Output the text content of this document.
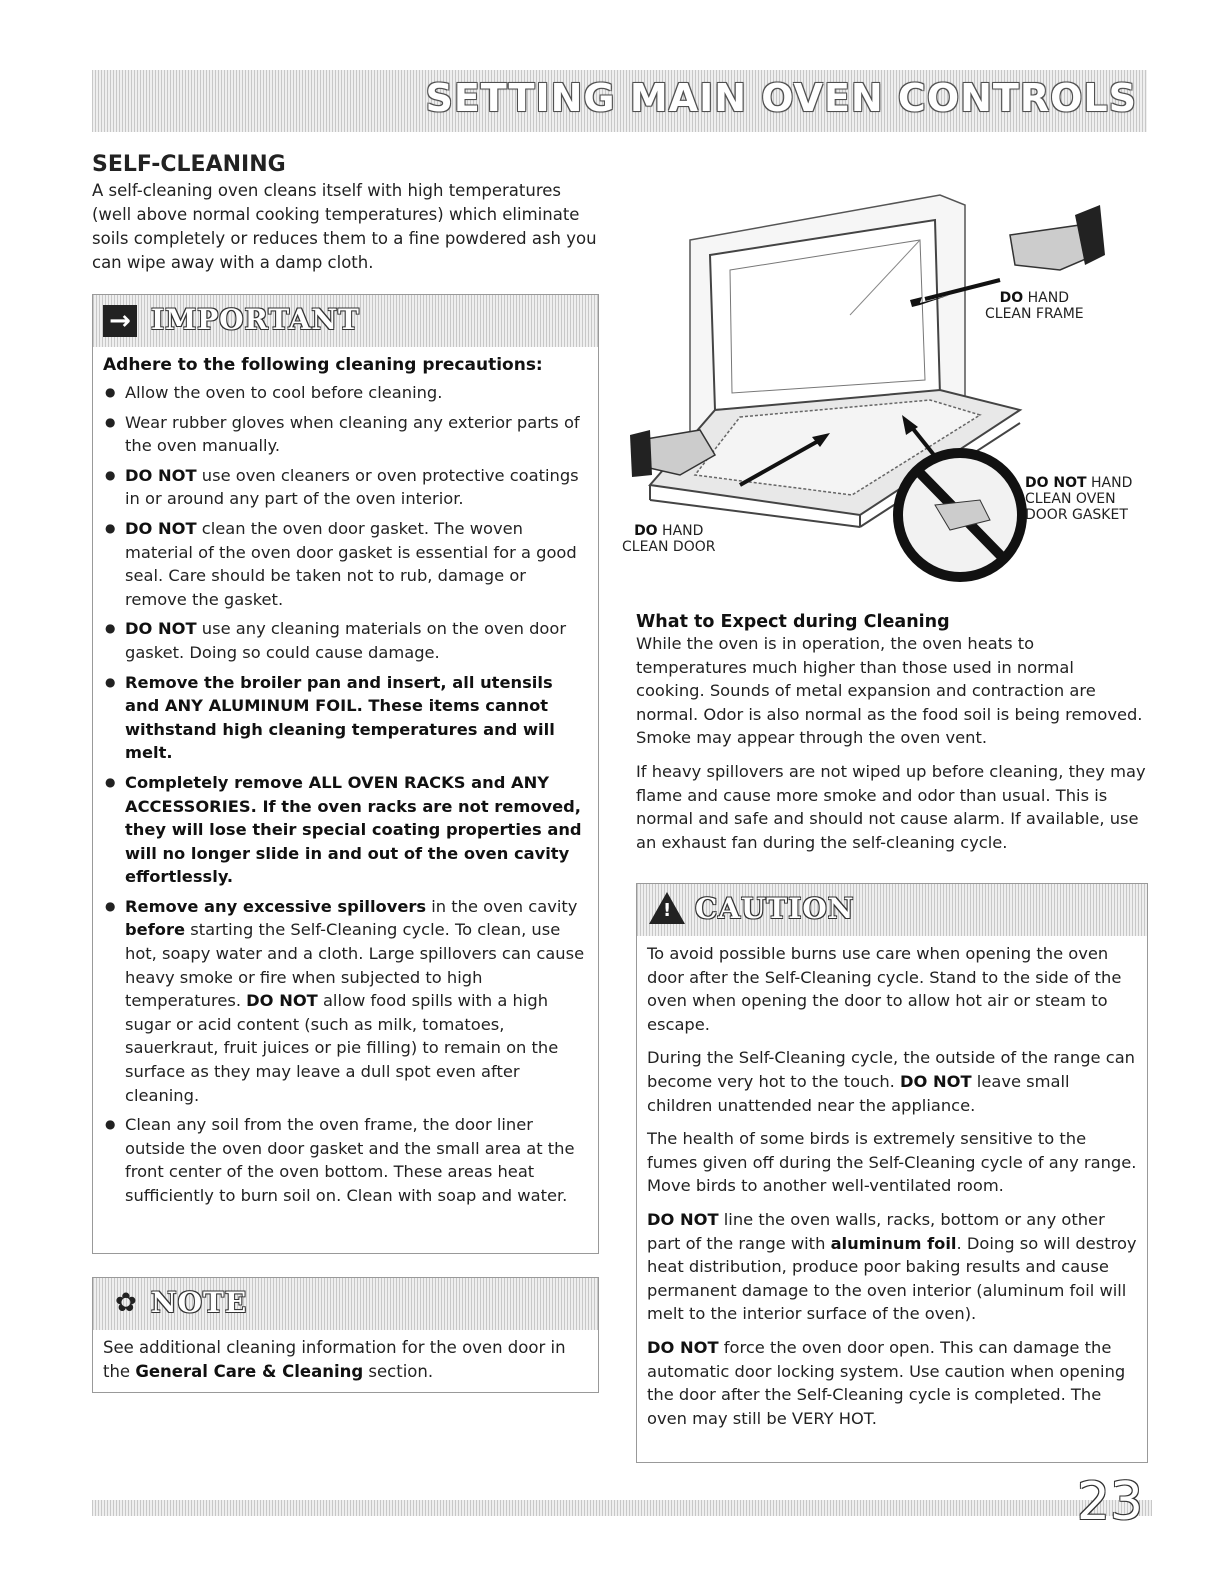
SETTING MAIN OVEN CONTROLS
SELF-CLEANING

A self-cleaning oven cleans itself with high temperatures (well above normal cooking temperatures) which eliminate soils completely or reduces them to a fine powdered ash you can wipe away with a damp cloth.

→ IMPORTANT
Adhere to the following cleaning precautions:
● Allow the oven to cool before cleaning.
● Wear rubber gloves when cleaning any exterior parts of the oven manually.
● DO NOT use oven cleaners or oven protective coatings in or around any part of the oven interior.
● DO NOT clean the oven door gasket. The woven material of the oven door gasket is essential for a good seal. Care should be taken not to rub, damage or remove the gasket.
● DO NOT use any cleaning materials on the oven door gasket. Doing so could cause damage.
● Remove the broiler pan and insert, all utensils and ANY ALUMINUM FOIL. These items cannot withstand high cleaning temperatures and will melt.
● Completely remove ALL OVEN RACKS and ANY ACCESSORIES. If the oven racks are not removed, they will lose their special coating properties and will no longer slide in and out of the oven cavity effortlessly.
● Remove any excessive spillovers in the oven cavity before starting the Self-Cleaning cycle. To clean, use hot, soapy water and a cloth. Large spillovers can cause heavy smoke or fire when subjected to high temperatures. DO NOT allow food spills with a high sugar or acid content (such as milk, tomatoes, sauerkraut, fruit juices or pie filling) to remain on the surface as they may leave a dull spot even after cleaning.
● Clean any soil from the oven frame, the door liner outside the oven door gasket and the small area at the front center of the oven bottom. These areas heat sufficiently to burn soil on. Clean with soap and water.
✿ NOTE
See additional cleaning information for the oven door in the General Care & Cleaning section.
DO HAND
CLEAN FRAME
DO HAND
CLEAN DOOR
DO NOT HAND
CLEAN OVEN
DOOR GASKET
What to Expect during Cleaning

While the oven is in operation, the oven heats to temperatures much higher than those used in normal cooking. Sounds of metal expansion and contraction are normal. Odor is also normal as the food soil is being removed. Smoke may appear through the oven vent.

If heavy spillovers are not wiped up before cleaning, they may flame and cause more smoke and odor than usual. This is normal and safe and should not cause alarm. If available, use an exhaust fan during the self-cleaning cycle.

! CAUTION

To avoid possible burns use care when opening the oven door after the Self-Cleaning cycle. Stand to the side of the oven when opening the door to allow hot air or steam to escape.

During the Self-Cleaning cycle, the outside of the range can become very hot to the touch. DO NOT leave small children unattended near the appliance.

The health of some birds is extremely sensitive to the fumes given off during the Self-Cleaning cycle of any range. Move birds to another well-ventilated room.

DO NOT line the oven walls, racks, bottom or any other part of the range with aluminum foil. Doing so will destroy heat distribution, produce poor baking results and cause permanent damage to the oven interior (aluminum foil will melt to the interior surface of the oven).

DO NOT force the oven door open. This can damage the automatic door locking system. Use caution when opening the door after the Self-Cleaning cycle is completed. The oven may still be VERY HOT.

23
